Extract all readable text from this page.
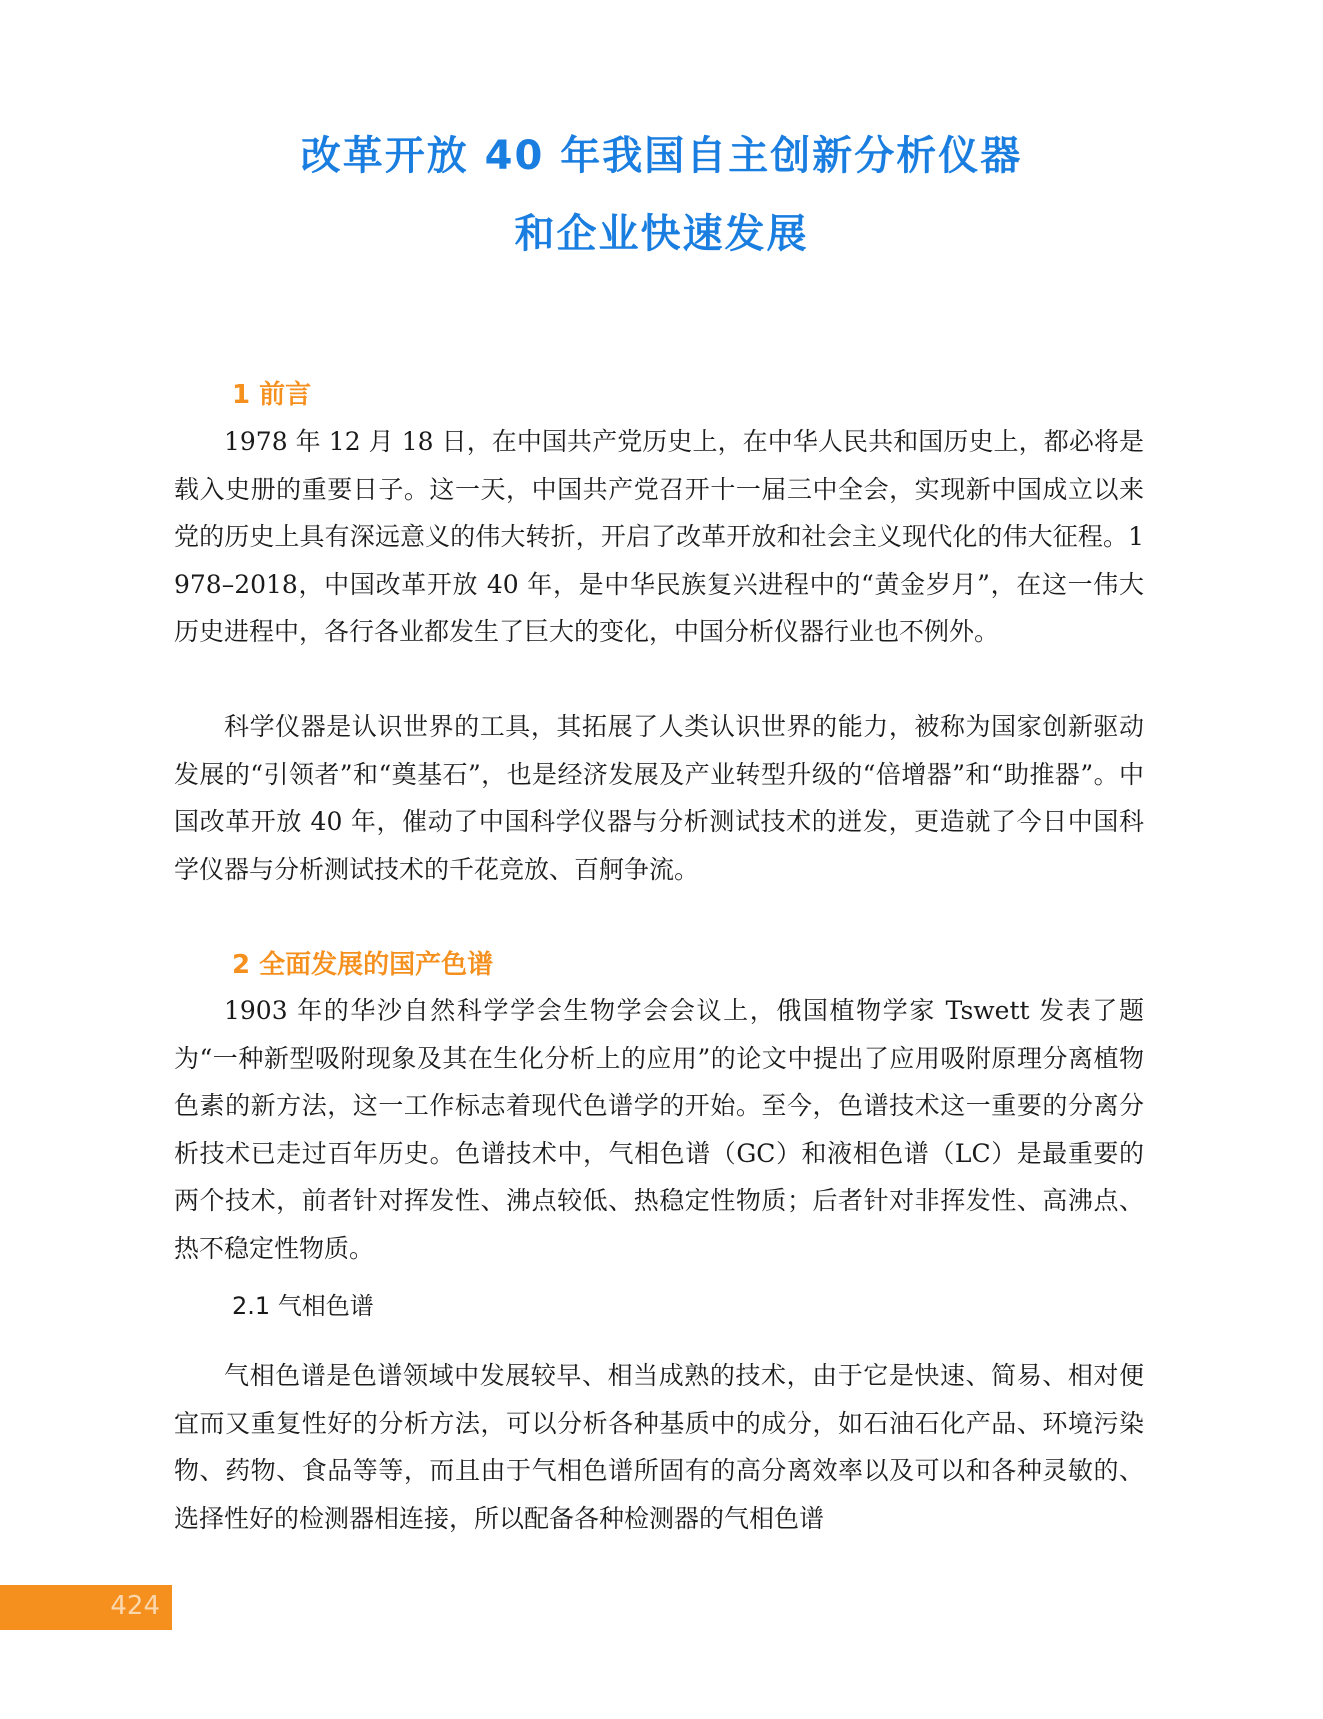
改革开放 40 年我国自主创新分析仪器
和企业快速发展
1 前言

1978 年 12 月 18 日，在中国共产党历史上，在中华人民共和国历史上，都必将是载入史册的重要日子。这一天，中国共产党召开十一届三中全会，实现新中国成立以来党的历史上具有深远意义的伟大转折，开启了改革开放和社会主义现代化的伟大征程。1978–2018，中国改革开放 40 年，是中华民族复兴进程中的“黄金岁月”，在这一伟大历史进程中，各行各业都发生了巨大的变化，中国分析仪器行业也不例外。

科学仪器是认识世界的工具，其拓展了人类认识世界的能力，被称为国家创新驱动发展的“引领者”和“奠基石”，也是经济发展及产业转型升级的“倍增器”和“助推器”。中国改革开放 40 年，催动了中国科学仪器与分析测试技术的迸发，更造就了今日中国科学仪器与分析测试技术的千花竞放、百舸争流。

2 全面发展的国产色谱

1903 年的华沙自然科学学会生物学会会议上，俄国植物学家 Tswett 发表了题为“一种新型吸附现象及其在生化分析上的应用”的论文中提出了应用吸附原理分离植物色素的新方法，这一工作标志着现代色谱学的开始。至今，色谱技术这一重要的分离分析技术已走过百年历史。色谱技术中，气相色谱（GC）和液相色谱（LC）是最重要的两个技术，前者针对挥发性、沸点较低、热稳定性物质；后者针对非挥发性、高沸点、热不稳定性物质。

2.1 气相色谱

气相色谱是色谱领域中发展较早、相当成熟的技术，由于它是快速、简易、相对便宜而又重复性好的分析方法，可以分析各种基质中的成分，如石油石化产品、环境污染物、药物、食品等等，而且由于气相色谱所固有的高分离效率以及可以和各种灵敏的、选择性好的检测器相连接，所以配备各种检测器的气相色谱

424
